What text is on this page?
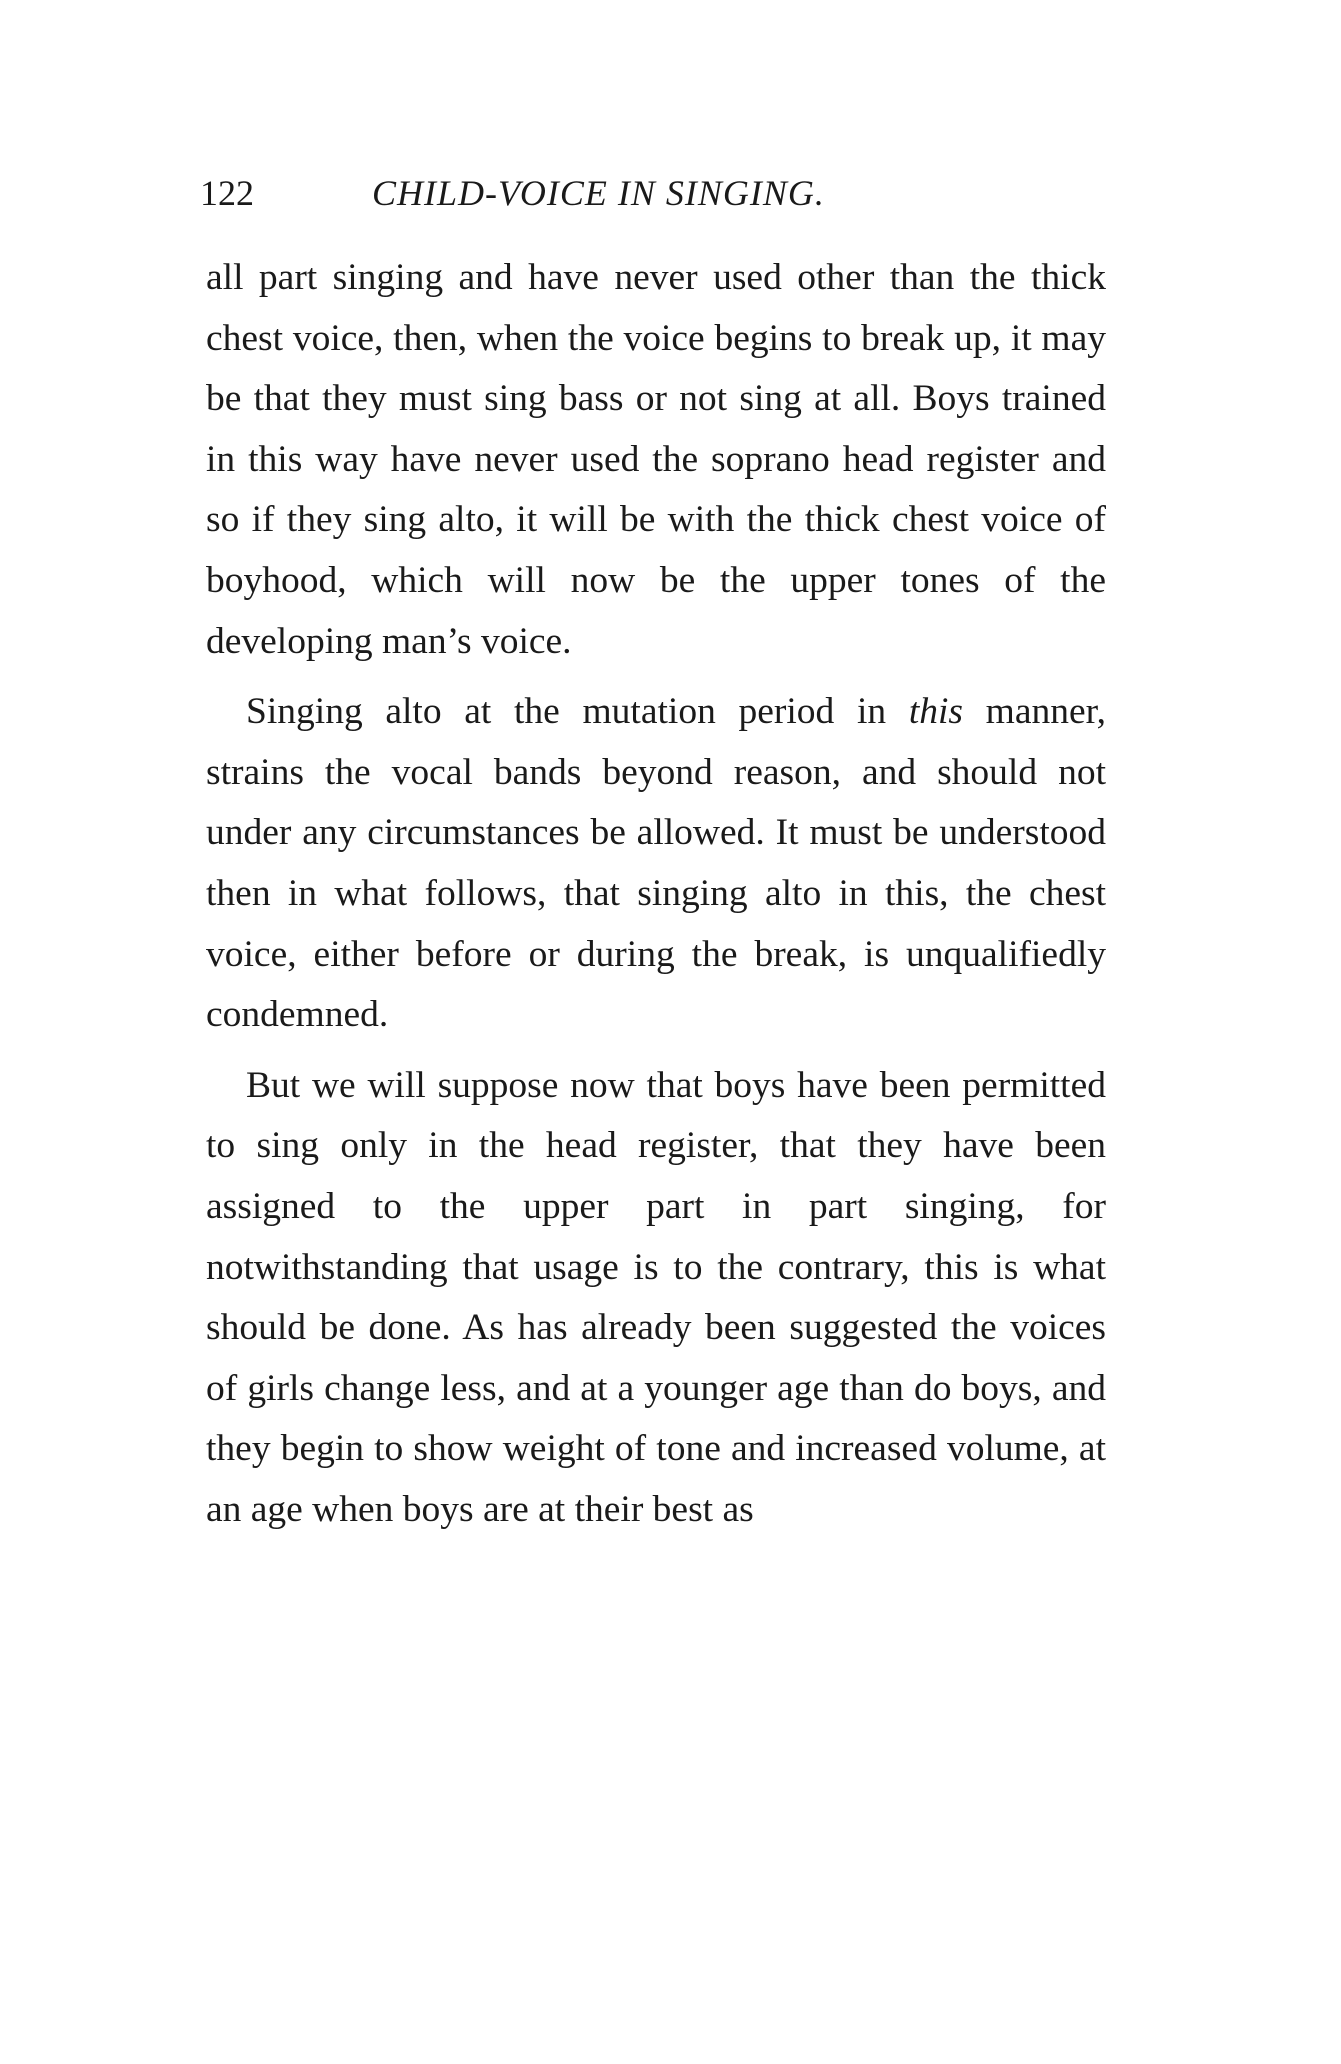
122	CHILD-VOICE IN SINGING.

all part singing and have never used other than the thick chest voice, then, when the voice begins to break up, it may be that they must sing bass or not sing at all. Boys trained in this way have never used the soprano head register and so if they sing alto, it will be with the thick chest voice of boyhood, which will now be the upper tones of the developing man’s voice.

Singing alto at the mutation period in this manner, strains the vocal bands beyond reason, and should not under any circumstances be allowed. It must be understood then in what follows, that singing alto in this, the chest voice, either before or during the break, is unqualifiedly condemned.

But we will suppose now that boys have been permitted to sing only in the head register, that they have been assigned to the upper part in part singing, for notwithstanding that usage is to the contrary, this is what should be done. As has already been suggested the voices of girls change less, and at a younger age than do boys, and they begin to show weight of tone and increased volume, at an age when boys are at their best as
